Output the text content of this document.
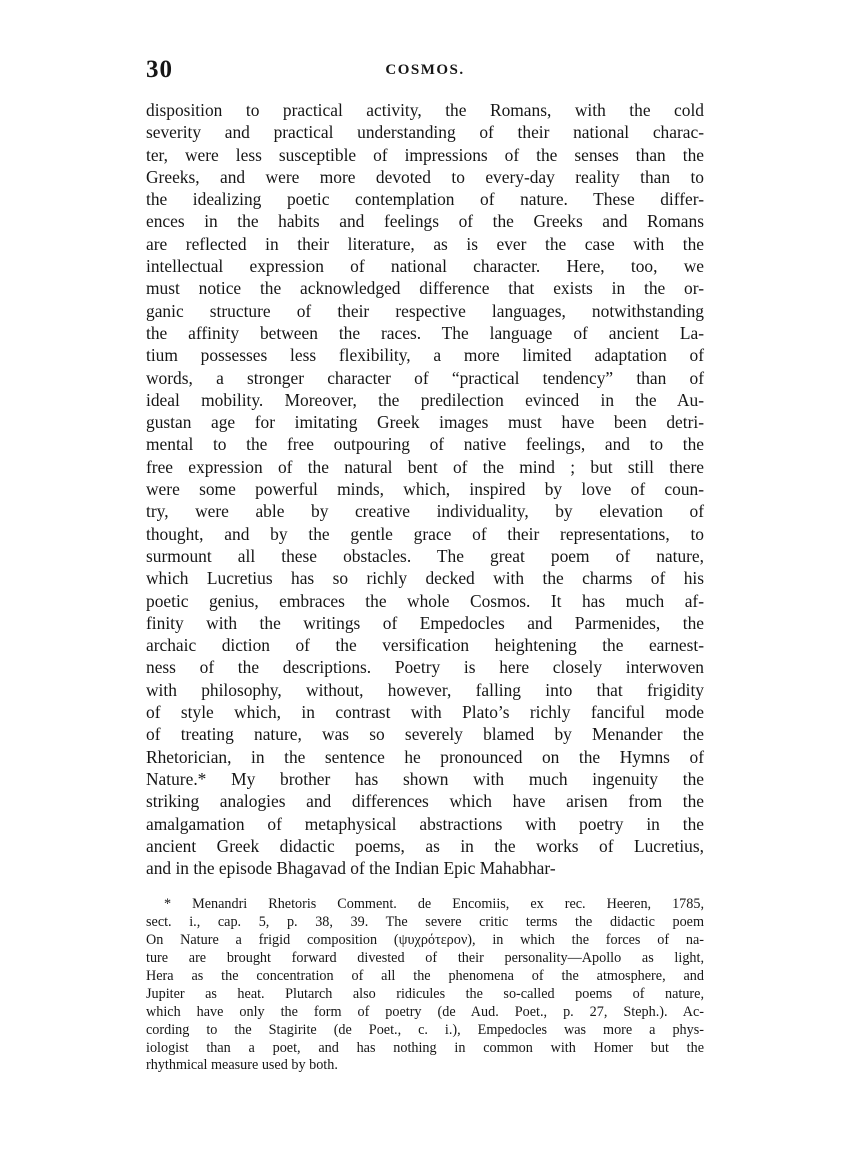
30	COSMOS.
disposition to practical activity, the Romans, with the cold
severity and practical understanding of their national charac-
ter, were less susceptible of impressions of the senses than the
Greeks, and were more devoted to every-day reality than to
the idealizing poetic contemplation of nature. These differ-
ences in the habits and feelings of the Greeks and Romans
are reflected in their literature, as is ever the case with the
intellectual expression of national character. Here, too, we
must notice the acknowledged difference that exists in the or-
ganic structure of their respective languages, notwithstanding
the affinity between the races. The language of ancient La-
tium possesses less flexibility, a more limited adaptation of
words, a stronger character of “practical tendency” than of
ideal mobility. Moreover, the predilection evinced in the Au-
gustan age for imitating Greek images must have been detri-
mental to the free outpouring of native feelings, and to the
free expression of the natural bent of the mind ; but still there
were some powerful minds, which, inspired by love of coun-
try, were able by creative individuality, by elevation of
thought, and by the gentle grace of their representations, to
surmount all these obstacles. The great poem of nature,
which Lucretius has so richly decked with the charms of his
poetic genius, embraces the whole Cosmos. It has much af-
finity with the writings of Empedocles and Parmenides, the
archaic diction of the versification heightening the earnest-
ness of the descriptions. Poetry is here closely interwoven
with philosophy, without, however, falling into that frigidity
of style which, in contrast with Plato’s richly fanciful mode
of treating nature, was so severely blamed by Menander the
Rhetorician, in the sentence he pronounced on the Hymns of
Nature.* My brother has shown with much ingenuity the
striking analogies and differences which have arisen from the
amalgamation of metaphysical abstractions with poetry in the
ancient Greek didactic poems, as in the works of Lucretius,
and in the episode Bhagavad of the Indian Epic Mahabhar-
* Menandri Rhetoris Comment. de Encomiis, ex rec. Heeren, 1785,
sect. i., cap. 5, p. 38, 39. The severe critic terms the didactic poem
On Nature a frigid composition (ψυχρότερον), in which the forces of na-
ture are brought forward divested of their personality—Apollo as light,
Hera as the concentration of all the phenomena of the atmosphere, and
Jupiter as heat. Plutarch also ridicules the so-called poems of nature,
which have only the form of poetry (de Aud. Poet., p. 27, Steph.). Ac-
cording to the Stagirite (de Poet., c. i.), Empedocles was more a phys-
iologist than a poet, and has nothing in common with Homer but the
rhythmical measure used by both.
